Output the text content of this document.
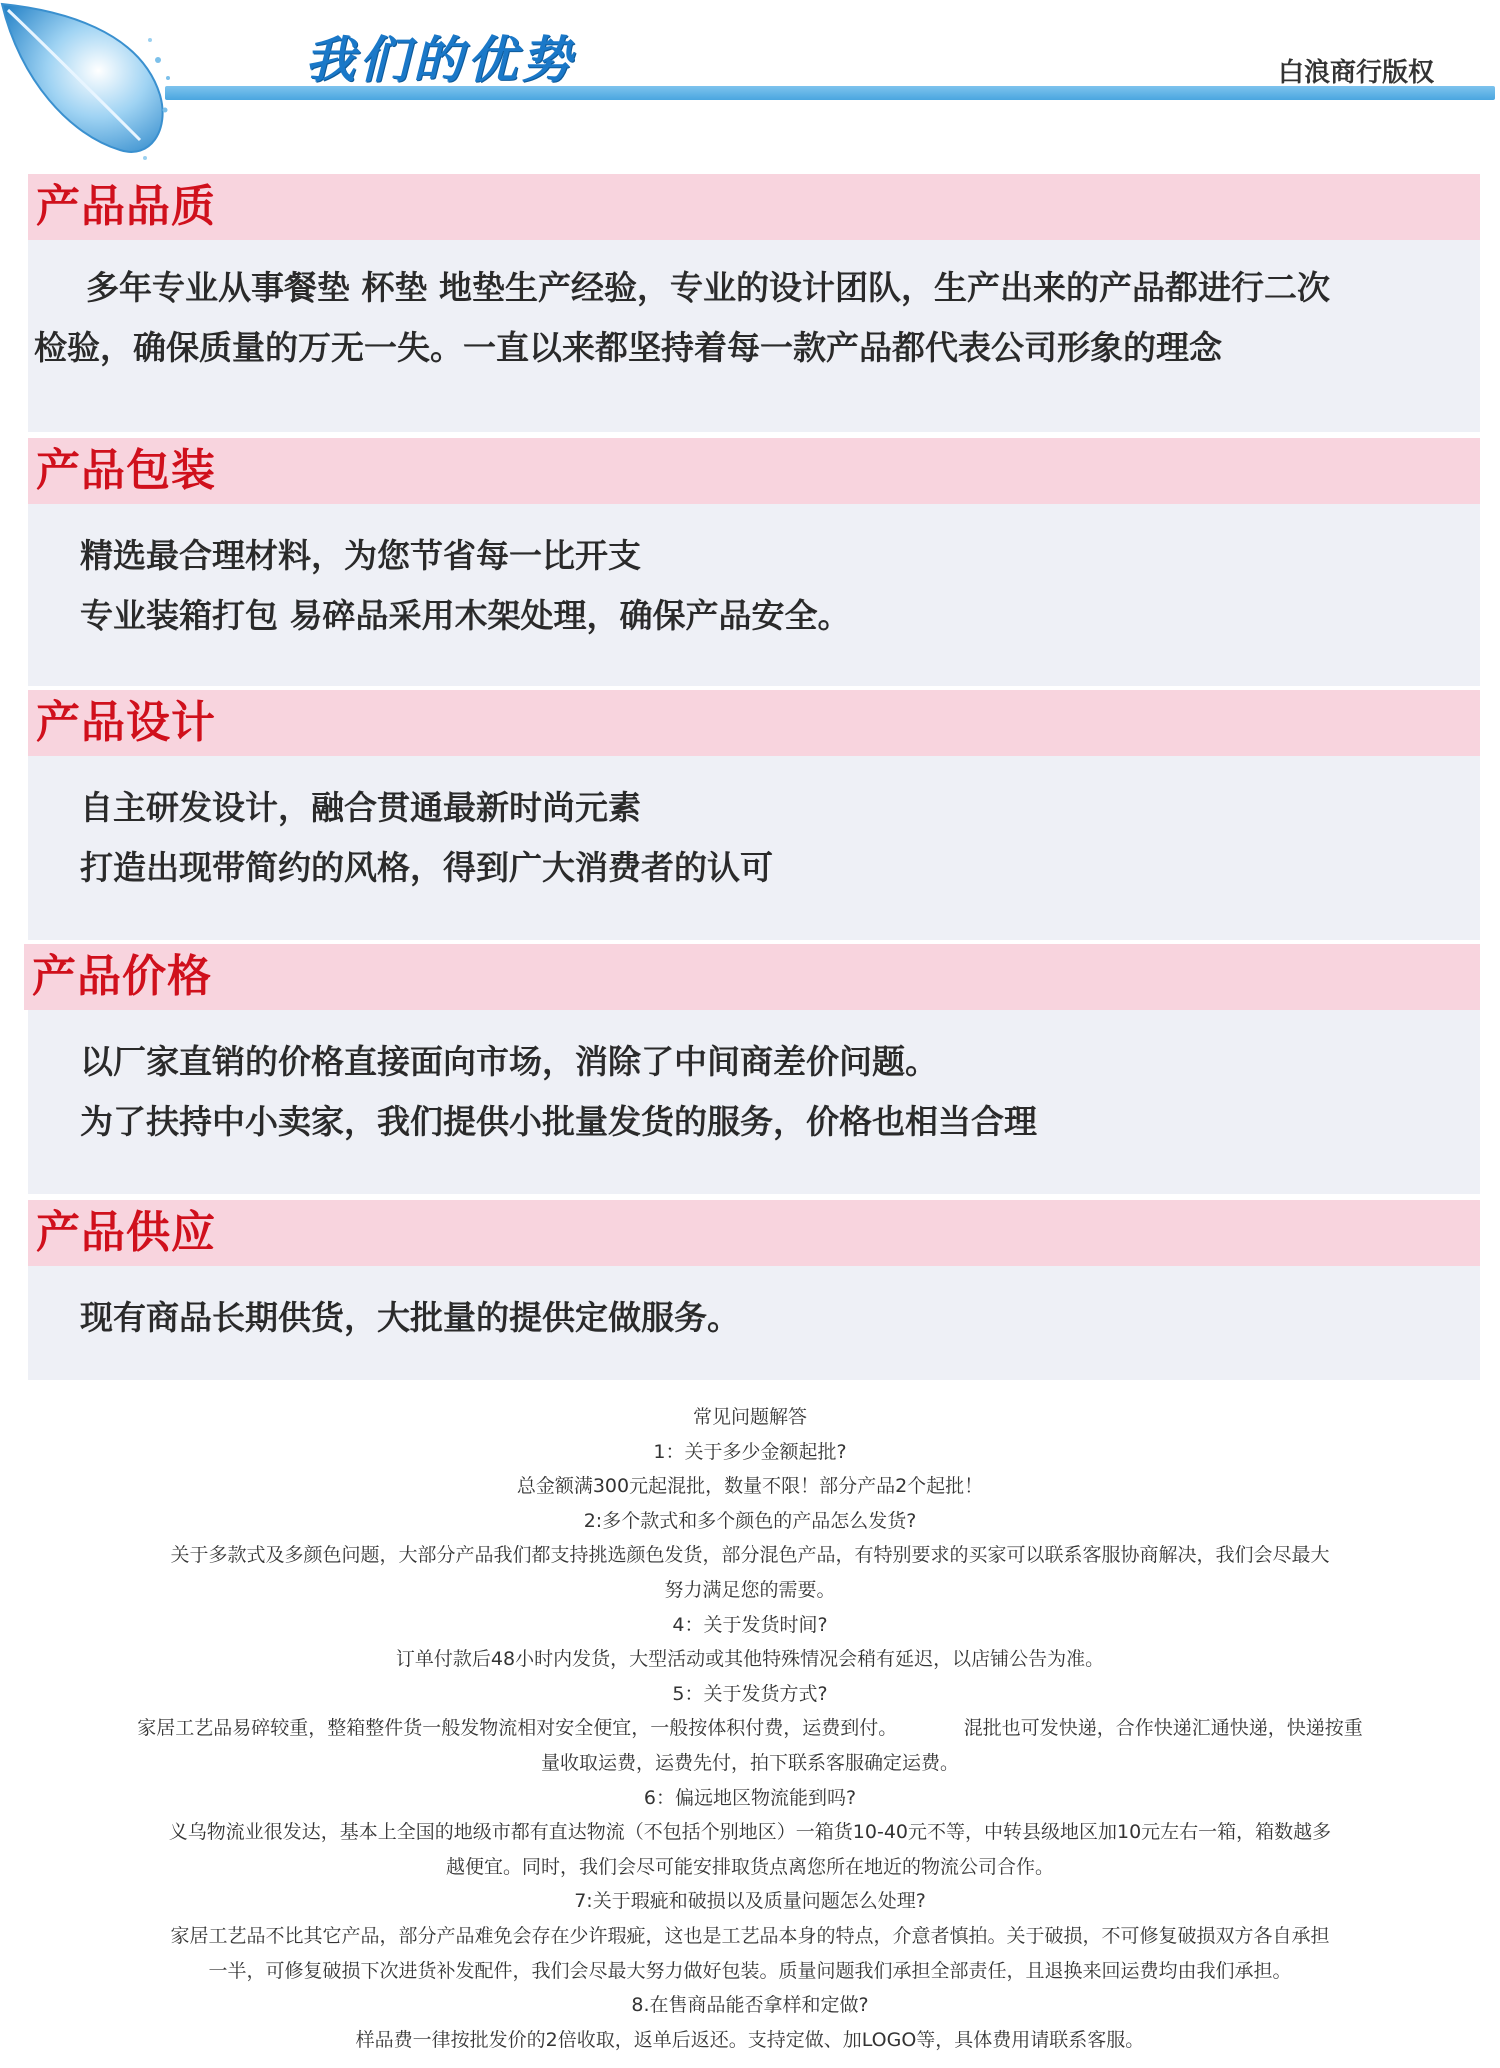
我们的优势	白浪商行版权
产品品质
多年专业从事餐垫 杯垫 地垫生产经验，专业的设计团队，生产出来的产品都进行二次
检验，确保质量的万无一失。一直以来都坚持着每一款产品都代表公司形象的理念
产品包装
精选最合理材料，为您节省每一比开支
专业装箱打包 易碎品采用木架处理，确保产品安全。
产品设计
自主研发设计，融合贯通最新时尚元素
打造出现带简约的风格，得到广大消费者的认可
产品价格
以厂家直销的价格直接面向市场，消除了中间商差价问题。
为了扶持中小卖家，我们提供小批量发货的服务，价格也相当合理
产品供应
现有商品长期供货，大批量的提供定做服务。
常见问题解答
1：关于多少金额起批?
总金额满300元起混批，数量不限！部分产品2个起批！
2:多个款式和多个颜色的产品怎么发货?
关于多款式及多颜色问题，大部分产品我们都支持挑选颜色发货，部分混色产品，有特别要求的买家可以联系客服协商解决，我们会尽最大
努力满足您的需要。
4：关于发货时间?
订单付款后48小时内发货，大型活动或其他特殊情况会稍有延迟，以店铺公告为准。
5：关于发货方式?
家居工艺品易碎较重，整箱整件货一般发物流相对安全便宜，一般按体积付费，运费到付。　　　　混批也可发快递，合作快递汇通快递，快递按重
量收取运费，运费先付，拍下联系客服确定运费。
6：偏远地区物流能到吗?
义乌物流业很发达，基本上全国的地级市都有直达物流（不包括个别地区）一箱货10-40元不等，中转县级地区加10元左右一箱，箱数越多
越便宜。同时，我们会尽可能安排取货点离您所在地近的物流公司合作。
7:关于瑕疵和破损以及质量问题怎么处理?
家居工艺品不比其它产品，部分产品难免会存在少许瑕疵，这也是工艺品本身的特点，介意者慎拍。关于破损，不可修复破损双方各自承担
一半，可修复破损下次进货补发配件，我们会尽最大努力做好包装。质量问题我们承担全部责任，且退换来回运费均由我们承担。
8.在售商品能否拿样和定做?
样品费一律按批发价的2倍收取，返单后返还。支持定做、加LOGO等，具体费用请联系客服。
